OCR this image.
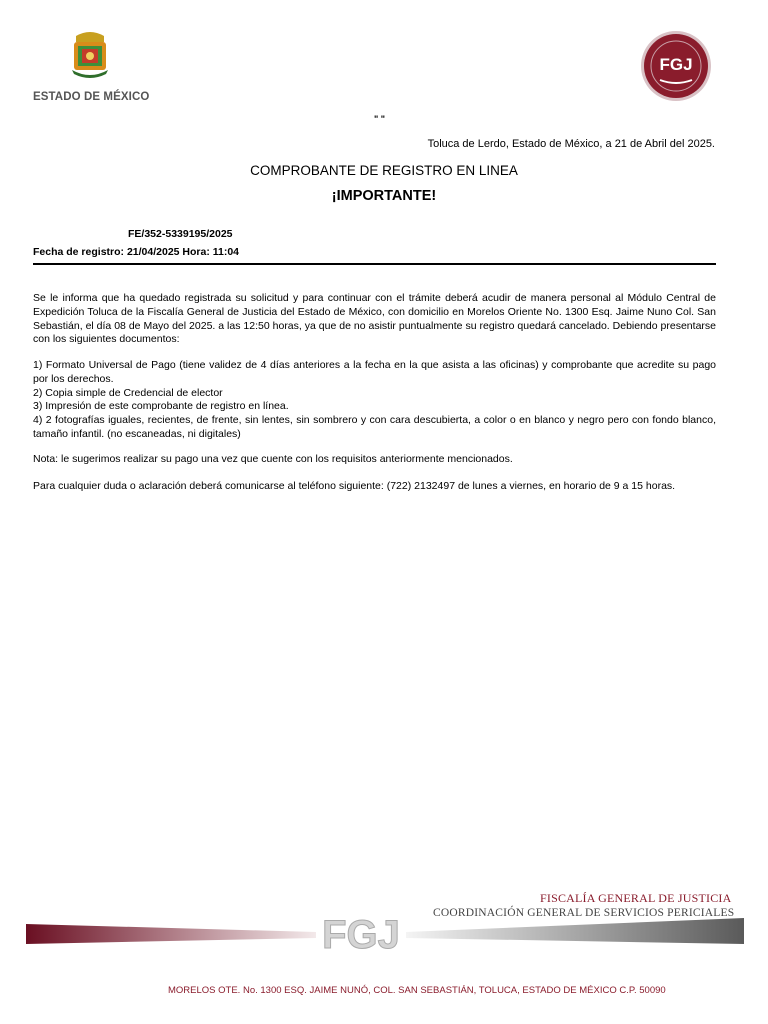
ESTADO DE MÉXICO
FGJ
" "
Toluca de Lerdo, Estado de México, a 21 de Abril del 2025.
COMPROBANTE DE REGISTRO EN LINEA
¡IMPORTANTE!
FE/352-5339195/2025
Fecha de registro: 21/04/2025 Hora: 11:04
Se le informa que ha quedado registrada su solicitud y para continuar con el trámite deberá acudir de manera personal al Módulo Central de Expedición Toluca de la Fiscalía General de Justicia del Estado de México, con domicilio en Morelos Oriente No. 1300 Esq. Jaime Nuno Col. San Sebastián, el día 08 de Mayo del 2025. a las 12:50 horas, ya que de no asistir puntualmente su registro quedará cancelado. Debiendo presentarse con los siguientes documentos:
1) Formato Universal de Pago (tiene validez de 4 días anteriores a la fecha en la que asista a las oficinas) y comprobante que acredite su pago por los derechos.
2) Copia simple de Credencial de elector
3) Impresión de este comprobante de registro en línea.
4) 2 fotografías iguales, recientes, de frente, sin lentes, sin sombrero y con cara descubierta, a color o en blanco y negro pero con fondo blanco, tamaño infantil. (no escaneadas, ni digitales)
Nota: le sugerimos realizar su pago una vez que cuente con los requisitos anteriormente mencionados.
Para cualquier duda o aclaración deberá comunicarse al teléfono siguiente: (722) 2132497 de lunes a viernes, en horario de 9 a 15 horas.
FISCALÍA GENERAL DE JUSTICIA
COORDINACIÓN GENERAL DE SERVICIOS PERICIALES
FGJ
MORELOS OTE. No. 1300 ESQ. JAIME NUNÓ, COL. SAN SEBASTIÁN, TOLUCA, ESTADO DE MÉXICO C.P. 50090
